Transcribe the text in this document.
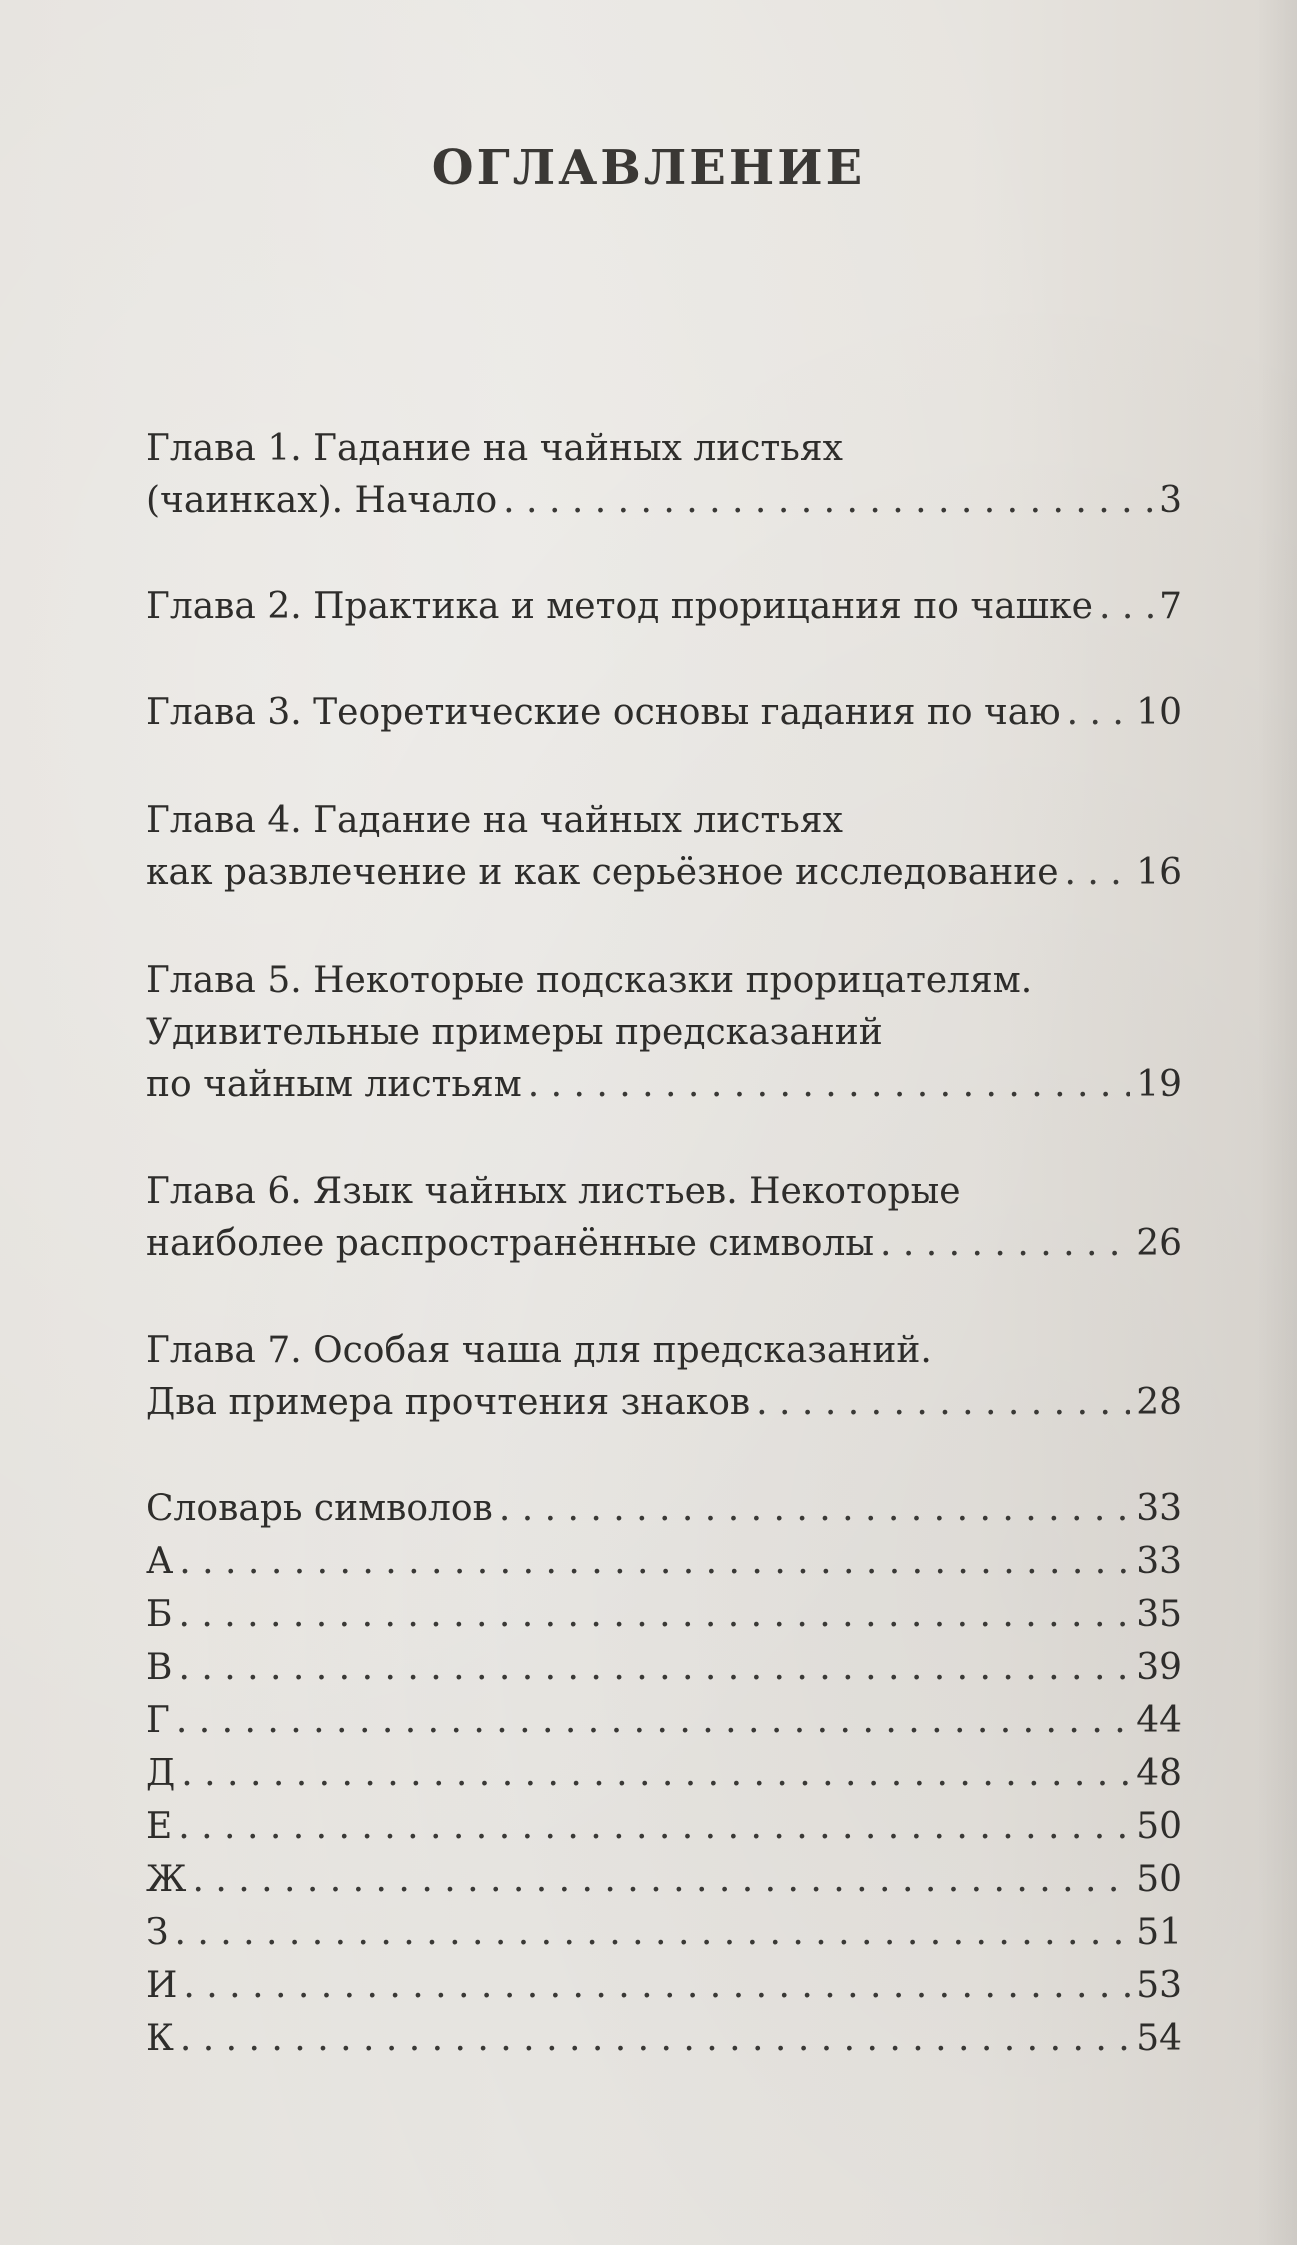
ОГЛАВЛЕНИЕ
Глава 1. Гадание на чайных листьях
(чаинках). Начало . . .	3
Глава 2. Практика и метод прорицания по чашке . . . 7
Глава 3. Теоретические основы гадания по чаю . . . 10
Глава 4. Гадание на чайных листьях
как развлечение и как серьёзное исследование . . . 16
Глава 5. Некоторые подсказки прорицателям.
Удивительные примеры предсказаний
по чайным листьям . . .	19
Глава 6. Язык чайных листьев. Некоторые
наиболее распространённые символы . . .	26
Глава 7. Особая чаша для предсказаний.
Два примера прочтения знаков . . .	28
Словарь символов . . .	33
А . . .	33
Б . . .	35
В . . .	39
Г . . .	44
Д . . .	48
Е . . .	50
Ж . . .	50
З . . .	51
И . . .	53
К . . .	54
